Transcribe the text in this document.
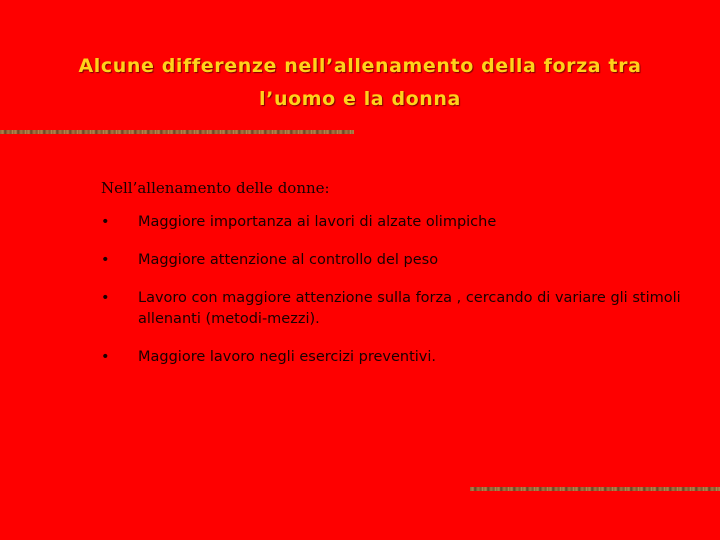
Alcune differenze nell’allenamento della forza tra
l’uomo e la donna

Nell’allenamento delle donne:

•	Maggiore importanza ai lavori di alzate olimpiche
•	Maggiore attenzione al controllo del peso
•	Lavoro con maggiore attenzione sulla forza , cercando di variare gli stimoli allenanti (metodi-mezzi).
•	Maggiore lavoro negli esercizi preventivi.
